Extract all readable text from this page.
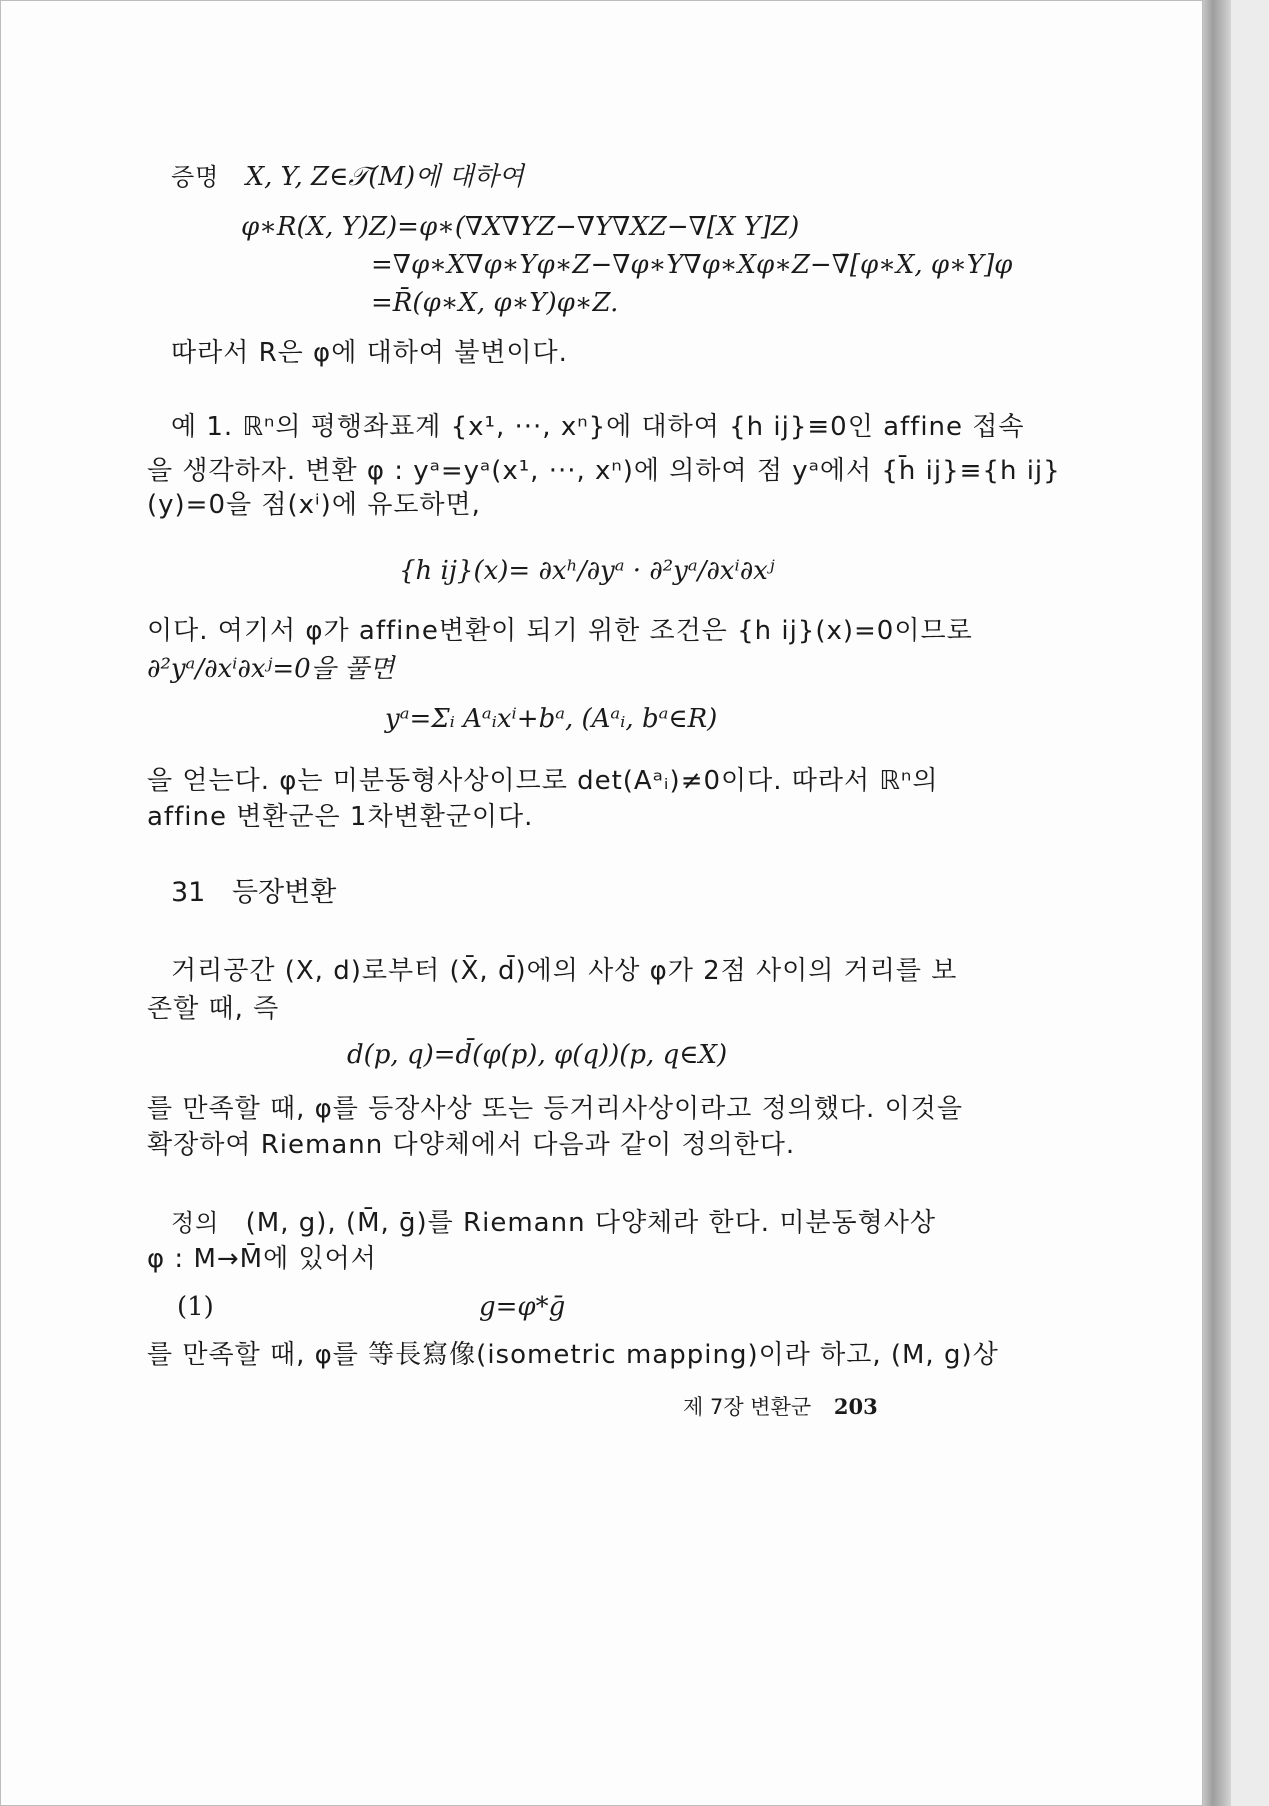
증명 X, Y, Z∈𝒯(M)에 대하여
φ∗R(X, Y)Z)=φ∗(∇X∇YZ−∇Y∇XZ−∇[X Y]Z)
=∇φ∗X∇φ∗Yφ∗Z−∇φ∗Y∇φ∗Xφ∗Z−∇̄[φ∗X, φ∗Y]φ
=R̄(φ∗X, φ∗Y)φ∗Z.
따라서 R은 φ에 대하여 불변이다.
예 1. ℝⁿ의 평행좌표계 {x¹, ···, xⁿ}에 대하여 {h ij}≡0인 affine 접속
을 생각하자. 변환 φ : yᵃ=yᵃ(x¹, ···, xⁿ)에 의하여 점 yᵃ에서 {h̄ ij}≡{h ij}
(y)=0을 점(xⁱ)에 유도하면,
{h ij}(x)= ∂xʰ/∂yᵃ · ∂²yᵃ/∂xⁱ∂xʲ
이다. 여기서 φ가 affine변환이 되기 위한 조건은 {h ij}(x)=0이므로
∂²yᵃ/∂xⁱ∂xʲ=0을 풀면
yᵃ=Σᵢ Aᵃᵢxⁱ+bᵃ, (Aᵃᵢ, bᵃ∈R)
을 얻는다. φ는 미분동형사상이므로 det(Aᵃᵢ)≠0이다. 따라서 ℝⁿ의
affine 변환군은 1차변환군이다.
31 등장변환
거리공간 (X, d)로부터 (X̄, d̄)에의 사상 φ가 2점 사이의 거리를 보
존할 때, 즉
d(p, q)=d̄(φ(p), φ(q))(p, q∈X)
를 만족할 때, φ를 등장사상 또는 등거리사상이라고 정의했다. 이것을
확장하여 Riemann 다양체에서 다음과 같이 정의한다.
정의 (M, g), (M̄, ḡ)를 Riemann 다양체라 한다. 미분동형사상
φ : M→M̄에 있어서
(1)	g=φ*ḡ
를 만족할 때, φ를 等長寫像(isometric mapping)이라 하고, (M, g)상
제 7장 변환군 203
